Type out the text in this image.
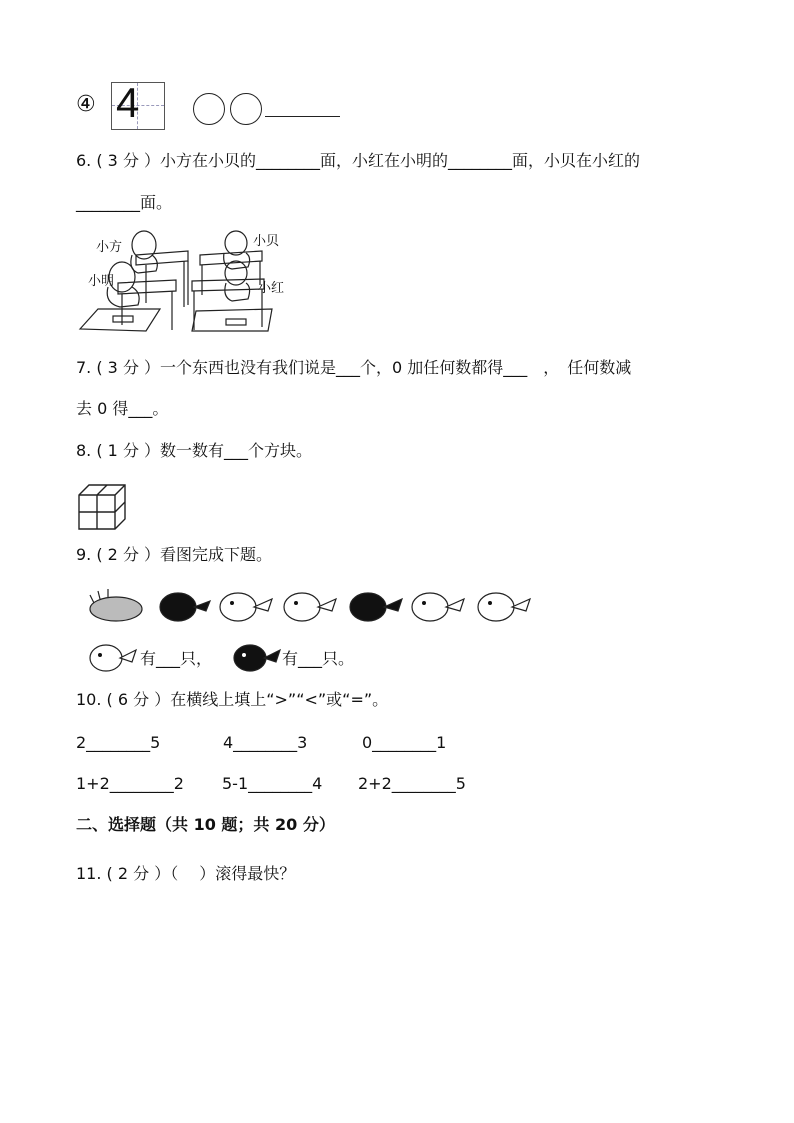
④ 4
6. ( 3 分 ）小方在小贝的________面，小红在小明的________面，小贝在小红的
________面。
小方	小贝
小明	小红
7. ( 3 分 ）一个东西也没有我们说是___个，0 加任何数都得___　，　任何数减
去 0 得___。
8. ( 1 分 ）数一数有___个方块。
9. ( 2 分 ）看图完成下题。
有___只，	有___只。
10. ( 6 分 ）在横线上填上“>”“<”或“=”。
2________5	4________3	0________1
1+2________2 5-1________4 2+2________5
二、选择题（共 10 题；共 20 分）
11. ( 2 分 ）（　 ）滚得最快？
